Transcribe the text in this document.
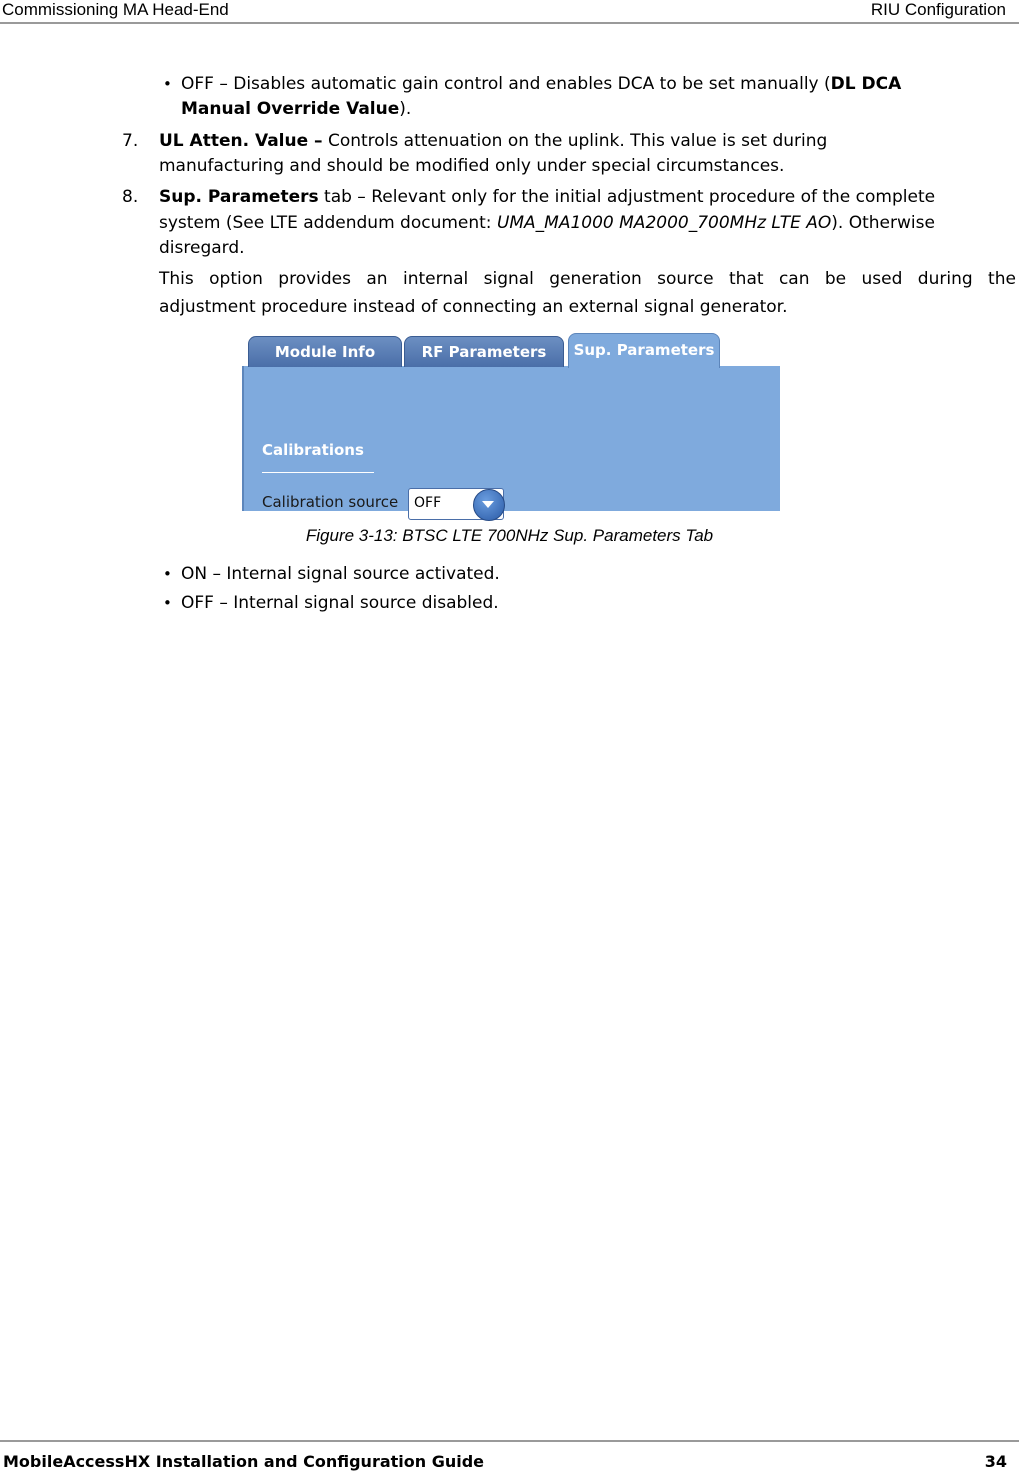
Commissioning MA Head-End	RIU Configuration
• OFF – Disables automatic gain control and enables DCA to be set manually (DL DCA
Manual Override Value).
7. UL Atten. Value – Controls attenuation on the uplink. This value is set during
manufacturing and should be modified only under special circumstances.
8. Sup. Parameters tab – Relevant only for the initial adjustment procedure of the complete
system (See LTE addendum document: UMA_MA1000 MA2000_700MHz LTE AO). Otherwise
disregard.
This option provides an internal signal generation source that can be used during the
adjustment procedure instead of connecting an external signal generator.
Calibrations
Calibration source OFF
Module Info	RF Parameters	Sup. Parameters
Figure 3-13: BTSC LTE 700NHz Sup. Parameters Tab
• ON – Internal signal source activated.
• OFF – Internal signal source disabled.
MobileAccessHX Installation and Configuration Guide	34
